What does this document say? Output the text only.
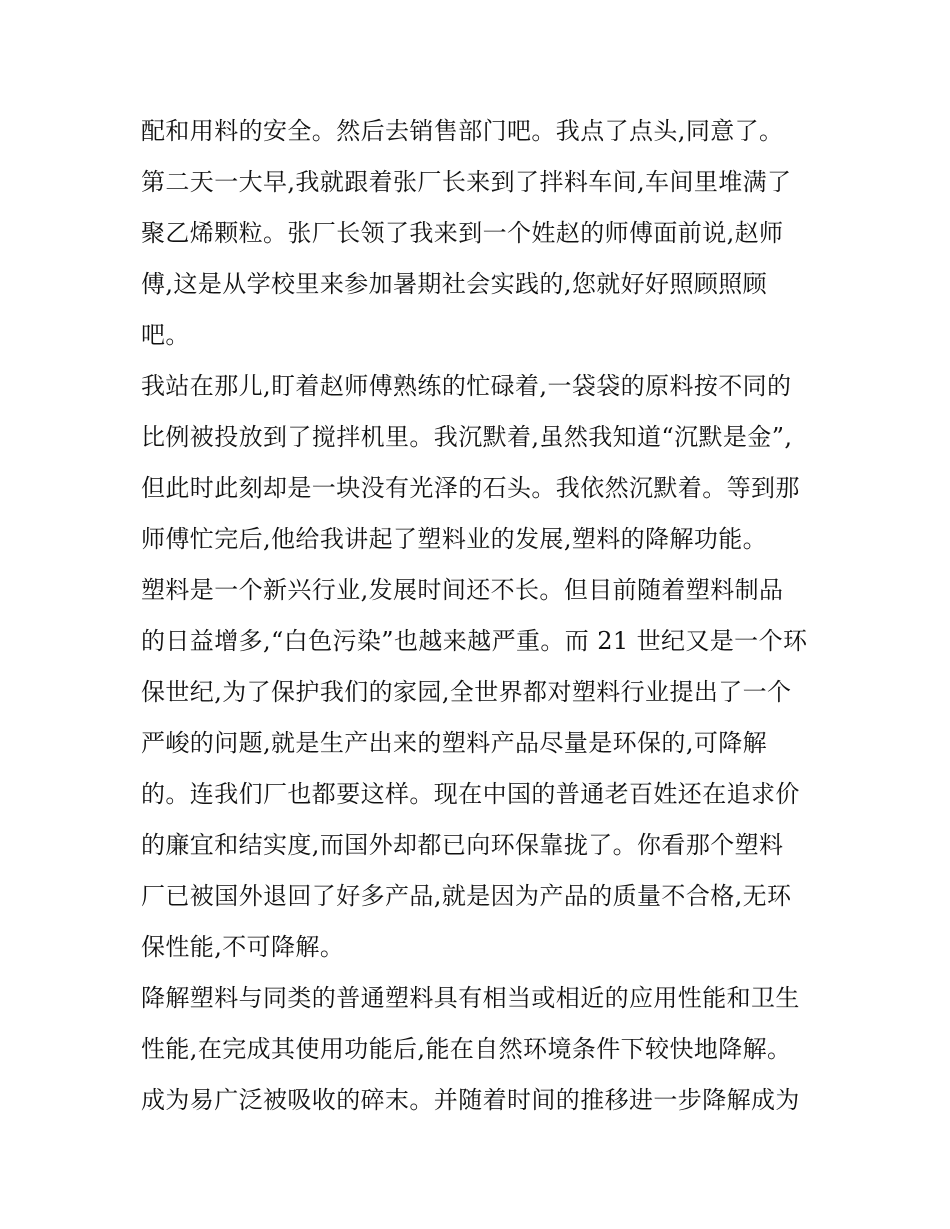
配和用料的安全。然后去销售部门吧。我点了点头,同意了。
第二天一大早,我就跟着张厂长来到了拌料车间,车间里堆满了
聚乙烯颗粒。张厂长领了我来到一个姓赵的师傅面前说,赵师
傅,这是从学校里来参加暑期社会实践的,您就好好照顾照顾
吧。
我站在那儿,盯着赵师傅熟练的忙碌着,一袋袋的原料按不同的
比例被投放到了搅拌机里。我沉默着,虽然我知道“沉默是金”,
但此时此刻却是一块没有光泽的石头。我依然沉默着。等到那
师傅忙完后,他给我讲起了塑料业的发展,塑料的降解功能。
塑料是一个新兴行业,发展时间还不长。但目前随着塑料制品
的日益增多,“白色污染”也越来越严重。而 21 世纪又是一个环
保世纪,为了保护我们的家园,全世界都对塑料行业提出了一个
严峻的问题,就是生产出来的塑料产品尽量是环保的,可降解
的。连我们厂也都要这样。现在中国的普通老百姓还在追求价
的廉宜和结实度,而国外却都已向环保靠拢了。你看那个塑料
厂已被国外退回了好多产品,就是因为产品的质量不合格,无环
保性能,不可降解。
降解塑料与同类的普通塑料具有相当或相近的应用性能和卫生
性能,在完成其使用功能后,能在自然环境条件下较快地降解。
成为易广泛被吸收的碎末。并随着时间的推移进一步降解成为
